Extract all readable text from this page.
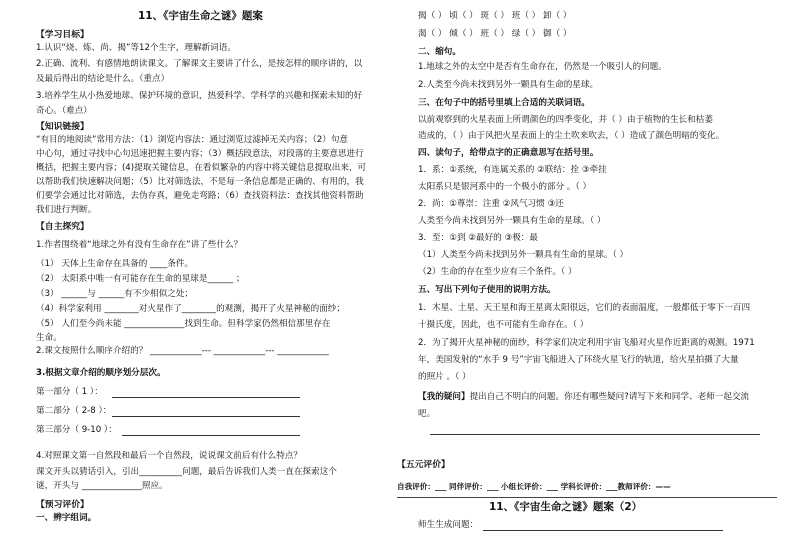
11、《宇宙生命之谜》题案
【学习目标】
1.认识“烧、炼、尚、揭”等12个生字，理解新词语。
2.正确、流利、有感情地朗读课文。了解课文主要讲了什么，是按怎样的顺序讲的，以
及最后得出的结论是什么。（重点）
3.培养学生从小热爱地球、保护环境的意识，热爱科学、学科学的兴趣和探索未知的好
奇心。（难点）
【知识链接】
“有目的地阅读”常用方法：（1）浏览内容法：通过浏览过滤掉无关内容；（2）句意
中心句，通过寻找中心句迅速把握主要内容；（3）概括段意法，对段落的主要意思进行
概括，把握主要内容；(4)提取关键信息，在看似繁杂的内容中将关键信息提取出来，可
以帮助我们快速解决问题；（5）比对筛选法，不是每一条信息都是正确的、有用的，我
们要学会通过比对筛选，去伪存真，避免走弯路；（6）查找资料法：查找其他资料帮助
我们进行判断。
【自主探究】
1.作者围绕着“地球之外有没有生命存在”讲了些什么？
（1） 天体上生命存在具备的 ____条件。
（2） 太阳系中唯一有可能存在生命的星球是______ ；
（3） ______与 ______有不少相似之处；
（4）科学家利用 ________对火星作了________的观测，揭开了火星神秘的面纱；
（5） 人们至今尚未能 ______________找到生命。但科学家仍然相信那里存在
生命。
2.课文按照什么顺序介绍的？ ____________--- ____________--- ____________
3.根据文章介绍的顺序划分层次。
第一部分（ 1 ）：
第二部分（ 2-8 ）：
第三部分（ 9-10 ）：
4.对照课文第一自然段和最后一个自然段，说说课文前后有什么特点？
课文开头以猜话引入，引出__________问题，最后告诉我们人类一直在探索这个
谜，开头与 ______________照应。
【预习评价】
一、辨字组词。
揭（ ） 顷（ ） 斑（ ） 班（ ） 卸（ ）
渴（ ） 倾（ ） 班（ ） 绿（ ） 御（ ）
二、缩句。
1.地球之外的太空中是否有生命存在，仍然是一个吸引人的问题。
2.人类至今尚未找到另外一颗具有生命的星球。
三、在句子中的括号里填上合适的关联词语。
以前观察到的火星表面上所谓颜色的四季变化，并（ ）由于植物的生长和枯萎
造成的，（ ）由于风把火星表面上的尘土吹来吹去，（ ）造成了颜色明暗的变化。
四、读句子，给带点字的正确意思写在括号里。
1．系：①系统，有连属关系的 ②联结：拴 ③牵挂
太阳系只是银河系中的一个极小的部分 。（ ）
2．尚：①尊崇：注重 ②风气习惯 ③还
人类至今尚未找到另外一颗具有生命的星球。（ ）
3．至：①到 ②最好的 ③极：最
（1）人类至今尚未找到另外一颗具有生命的星球。（ ）
（2）生命的存在至少应有三个条件。（ ）
五、写出下列句子使用的说明方法。
1．木星、土星、天王星和海王星离太阳很远，它们的表面温度，一般都低于零下一百四
十摄氏度，因此，也不可能有生命存在。（ ）
2．为了揭开火星神秘的面纱，科学家们决定利用宇宙飞船对火星作近距离的观测。1971
年，美国发射的“水手 9 号”宇宙飞船进入了环绕火星飞行的轨道，给火星拍摄了大量
的照片 。（ ）
【我的疑问】提出自己不明白的问题。你还有哪些疑问?请写下来和同学、老师一起交流
吧。
11、《宇宙生命之谜》题案（2）
师生生成问题：
【五元评价】
自我评价：___ 同伴评价：___ 小组长评价：___ 学科长评价：___教师评价：——
